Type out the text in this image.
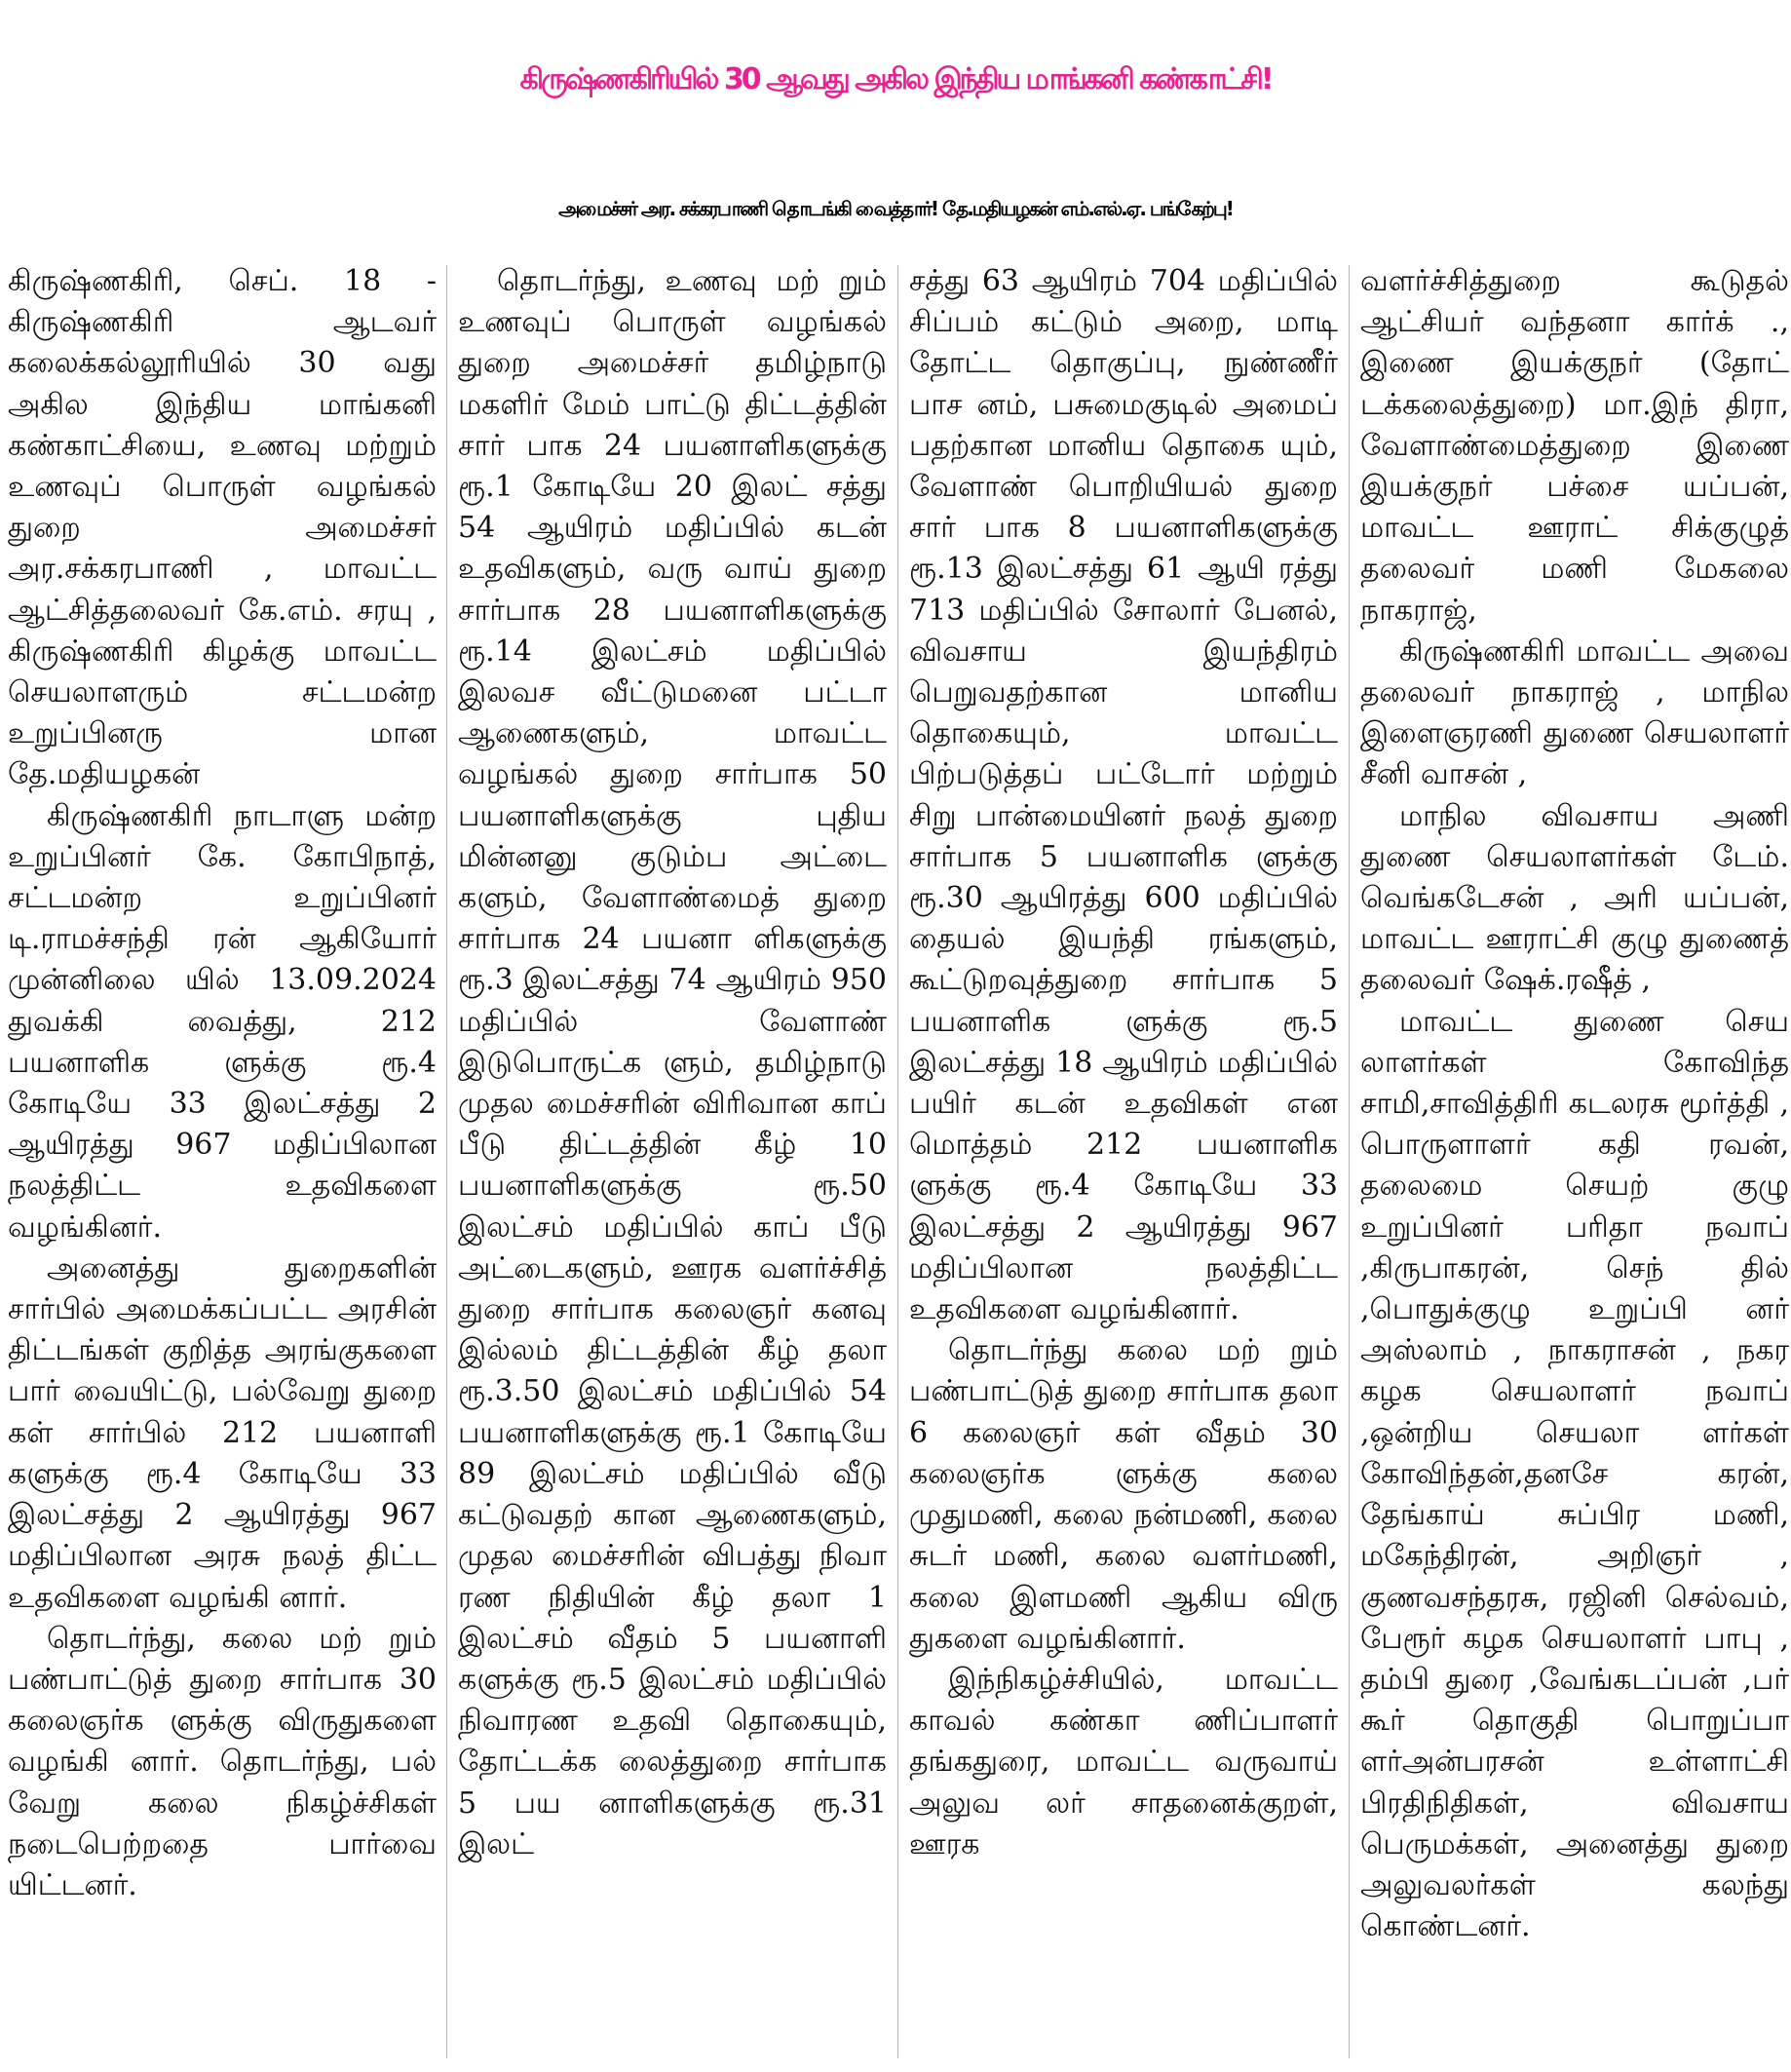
கிருஷ்ணகிரியில் 30 ஆவது அகில இந்திய மாங்கனி கண்காட்சி!
அமைச்சர் அர. சக்கரபாணி தொடங்கி வைத்தார்! தே.மதியழகன் எம்.எல்.ஏ. பங்கேற்பு!

கிருஷ்ணகிரி, செப். 18 - கிருஷ்ணகிரி ஆடவர் கலைக்கல்லூரியில் 30 வது அகில இந்திய மாங்கனி கண்காட்சியை, உணவு மற்றும் உணவுப் பொருள் வழங்கல் துறை அமைச்சர் அர.சக்கரபாணி , மாவட்ட ஆட்சித்தலைவர் கே.எம். சரயு , கிருஷ்ணகிரி கிழக்கு மாவட்ட செயலாளரும் சட்டமன்ற உறுப்பினரு மான தே.மதியழகன்

கிருஷ்ணகிரி நாடாளு மன்ற உறுப்பினர் கே. கோபிநாத், சட்டமன்ற உறுப்பினர் டி.ராமச்சந்தி ரன் ஆகியோர் முன்னிலை யில் 13.09.2024 துவக்கி வைத்து, 212 பயனாளிக ளுக்கு ரூ.4 கோடியே 33 இலட்சத்து 2 ஆயிரத்து 967 மதிப்பிலான நலத்திட்ட உதவிகளை வழங்கினர்.

அனைத்து துறைகளின் சார்பில் அமைக்கப்பட்ட அரசின் திட்டங்கள் குறித்த அரங்குகளை பார் வையிட்டு, பல்வேறு துறை கள் சார்பில் 212 பயனாளி களுக்கு ரூ.4 கோடியே 33 இலட்சத்து 2 ஆயிரத்து 967 மதிப்பிலான அரசு நலத் திட்ட உதவிகளை வழங்கி னார்.

தொடர்ந்து, கலை மற் றும் பண்பாட்டுத் துறை சார்பாக 30 கலைஞர்க ளுக்கு விருதுகளை வழங்கி னார். தொடர்ந்து, பல் வேறு கலை நிகழ்ச்சிகள் நடைபெற்றதை பார்வை யிட்டனர்.

தொடர்ந்து, உணவு மற் றும் உணவுப் பொருள் வழங்கல் துறை அமைச்சர் தமிழ்நாடு மகளிர் மேம் பாட்டு திட்டத்தின் சார் பாக 24 பயனாளிகளுக்கு ரூ.1 கோடியே 20 இலட் சத்து 54 ஆயிரம் மதிப்பில் கடன் உதவிகளும், வரு வாய் துறை சார்பாக 28 பயனாளிகளுக்கு ரூ.14 இலட்சம் மதிப்பில் இலவச வீட்டுமனை பட்டா ஆணைகளும், மாவட்ட வழங்கல் துறை சார்பாக 50 பயனாளிகளுக்கு புதிய மின்னனு குடும்ப அட்டை களும், வேளாண்மைத் துறை சார்பாக 24 பயனா ளிகளுக்கு ரூ.3 இலட்சத்து 74 ஆயிரம் 950 மதிப்பில் வேளாண் இடுபொருட்க ளும், தமிழ்நாடு முதல மைச்சரின் விரிவான காப் பீடு திட்டத்தின் கீழ் 10 பயனாளிகளுக்கு ரூ.50 இலட்சம் மதிப்பில் காப் பீடு அட்டைகளும், ஊரக வளர்ச்சித் துறை சார்பாக கலைஞர் கனவு இல்லம் திட்டத்தின் கீழ் தலா ரூ.3.50 இலட்சம் மதிப்பில் 54 பயனாளிகளுக்கு ரூ.1 கோடியே 89 இலட்சம் மதிப்பில் வீடு கட்டுவதற் கான ஆணைகளும், முதல மைச்சரின் விபத்து நிவா ரண நிதியின் கீழ் தலா 1 இலட்சம் வீதம் 5 பயனாளி களுக்கு ரூ.5 இலட்சம் மதிப்பில் நிவாரண உதவி தொகையும், தோட்டக்க லைத்துறை சார்பாக 5 பய னாளிகளுக்கு ரூ.31 இலட்

சத்து 63 ஆயிரம் 704 மதிப்பில் சிப்பம் கட்டும் அறை, மாடி தோட்ட தொகுப்பு, நுண்ணீர் பாச னம், பசுமைகுடில் அமைப் பதற்கான மானிய தொகை யும், வேளாண் பொறியியல் துறை சார் பாக 8 பயனாளிகளுக்கு ரூ.13 இலட்சத்து 61 ஆயி ரத்து 713 மதிப்பில் சோலார் பேனல், விவசாய இயந்திரம் பெறுவதற்கான மானிய தொகையும், மாவட்ட பிற்படுத்தப் பட்டோர் மற்றும் சிறு பான்மையினர் நலத் துறை சார்பாக 5 பயனாளிக ளுக்கு ரூ.30 ஆயிரத்து 600 மதிப்பில் தையல் இயந்தி ரங்களும், கூட்டுறவுத்துறை சார்பாக 5 பயனாளிக ளுக்கு ரூ.5 இலட்சத்து 18 ஆயிரம் மதிப்பில் பயிர் கடன் உதவிகள் என மொத்தம் 212 பயனாளிக ளுக்கு ரூ.4 கோடியே 33 இலட்சத்து 2 ஆயிரத்து 967 மதிப்பிலான நலத்திட்ட உதவிகளை வழங்கினார்.

தொடர்ந்து கலை மற் றும் பண்பாட்டுத் துறை சார்பாக தலா 6 கலைஞர் கள் வீதம் 30 கலைஞர்க ளுக்கு கலை முதுமணி, கலை நன்மணி, கலை சுடர் மணி, கலை வளர்மணி, கலை இளமணி ஆகிய விரு துகளை வழங்கினார்.

இந்நிகழ்ச்சியில், மாவட்ட காவல் கண்கா ணிப்பாளர் தங்கதுரை, மாவட்ட வருவாய் அலுவ லர் சாதனைக்குறள், ஊரக

வளர்ச்சித்துறை கூடுதல் ஆட்சியர் வந்தனா கார்க் ., இணை இயக்குநர் (தோட் டக்கலைத்துறை) மா.இந் திரா, வேளாண்மைத்துறை இணை இயக்குநர் பச்சை யப்பன், மாவட்ட ஊராட் சிக்குழுத் தலைவர் மணி மேகலை நாகராஜ்,

கிருஷ்ணகிரி மாவட்ட அவை தலைவர் நாகராஜ் , மாநில இளைஞரணி துணை செயலாளர் சீனி வாசன் ,

மாநில விவசாய அணி துணை செயலாளர்கள் டேம். வெங்கடேசன் , அரி யப்பன், மாவட்ட ஊராட்சி குழு துணைத் தலைவர் ஷேக்.ரஷீத் ,

மாவட்ட துணை செய லாளர்கள் கோவிந்த சாமி,சாவித்திரி கடலரசு மூர்த்தி , பொருளாளர் கதி ரவன், தலைமை செயற் குழு உறுப்பினர் பரிதா நவாப் ,கிருபாகரன், செந் தில் ,பொதுக்குழு உறுப்பி னர் அஸ்லாம் , நாகராசன் , நகர கழக செயலாளர் நவாப் ,ஒன்றிய செயலா ளர்கள் கோவிந்தன்,தனசே கரன், தேங்காய் சுப்பிர மணி, மகேந்திரன், அறிஞர் , குணவசந்தரசு, ரஜினி செல்வம், பேரூர் கழக செயலாளர் பாபு , தம்பி துரை ,வேங்கடப்பன் ,பர் கூர் தொகுதி பொறுப்பா ளர்அன்பரசன் உள்ளாட்சி பிரதிநிதிகள், விவசாய பெருமக்கள், அனைத்து துறை அலுவலர்கள் கலந்து கொண்டனர்.
